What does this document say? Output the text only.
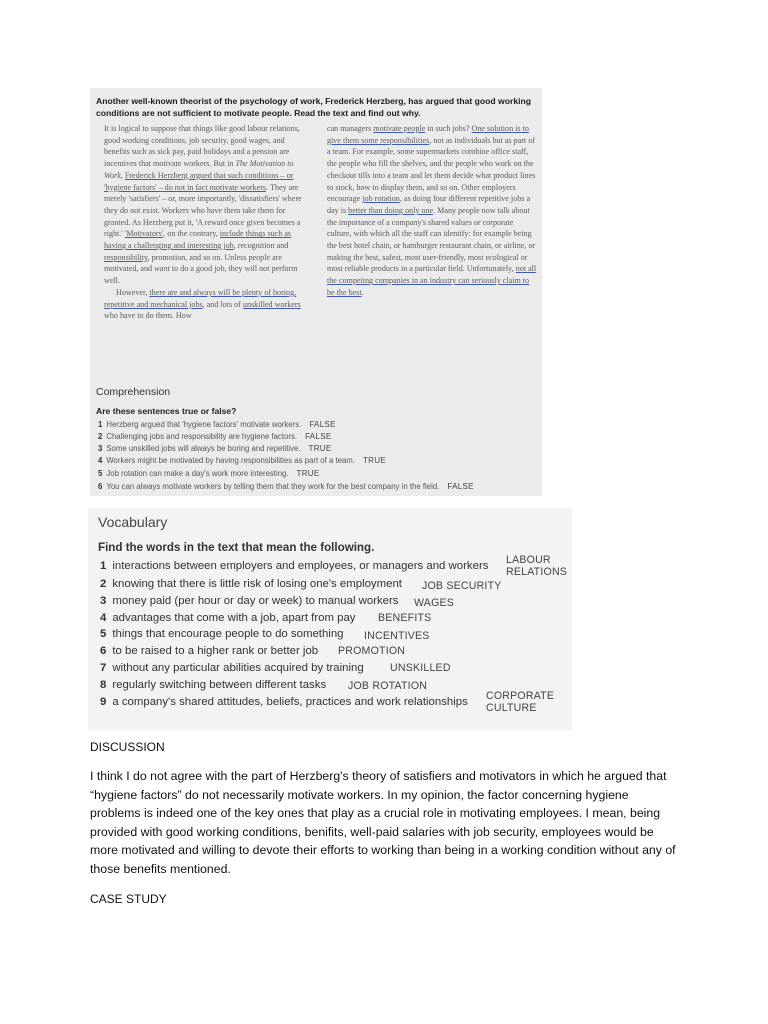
Another well-known theorist of the psychology of work, Frederick Herzberg, has argued that good working conditions are not sufficient to motivate people. Read the text and find out why.

It is logical to suppose that things like good labour relations, good working conditions, job security, good wages, and benefits such as sick pay, paid holidays and a pension are incentives that motivate workers. But in The Motivation to Work, Frederick Herzberg argued that such conditions – or 'hygiene factors' – do not in fact motivate workers. They are merely 'satisfiers' – or, more importantly, 'dissatisfiers' where they do not exist. Workers who have them take them for granted. As Herzberg put it, 'A reward once given becomes a right.' 'Motivators', on the contrary, include things such as having a challenging and interesting job, recognition and responsibility, promotion, and so on. Unless people are motivated, and want to do a good job, they will not perform well.

However, there are and always will be plenty of boring, repetitive and mechanical jobs, and lots of unskilled workers who have to do them. How

can managers motivate people in such jobs? One solution is to give them some responsibilities, not as individuals but as part of a team. For example, some supermarkets combine office staff, the people who fill the shelves, and the people who work on the checkout tills into a team and let them decide what product lines to stock, how to display them, and so on. Other employers encourage job rotation, as doing four different repetitive jobs a day is better than doing only one. Many people now talk about the importance of a company's shared values or corporate culture, with which all the staff can identify: for example being the best hotel chain, or hamburger restaurant chain, or airline, or making the best, safest, most user-friendly, most ecological or most reliable products in a particular field. Unfortunately, not all the competing companies in an industry can seriously claim to be the best.

Comprehension
Are these sentences true or false?
1 Herzberg argued that 'hygiene factors' motivate workers. FALSE
2 Challenging jobs and responsibility are hygiene factors. FALSE
3 Some unskilled jobs will always be boring and repetitive. TRUE
4 Workers might be motivated by having responsibilities as part of a team. TRUE
5 Job rotation can make a day's work more interesting. TRUE
6 You can always motivate workers by telling them that they work for the best company in the field. FALSE
Vocabulary
Find the words in the text that mean the following.
1 interactions between employers and employees, or managers and workers LABOUR RELATIONS
2 knowing that there is little risk of losing one's employment JOB SECURITY
3 money paid (per hour or day or week) to manual workers WAGES
4 advantages that come with a job, apart from pay BENEFITS
5 things that encourage people to do something INCENTIVES
6 to be raised to a higher rank or better job PROMOTION
7 without any particular abilities acquired by training UNSKILLED
8 regularly switching between different tasks JOB ROTATION
9 a company's shared attitudes, beliefs, practices and work relationships CORPORATE CULTURE
DISCUSSION

I think I do not agree with the part of Herzberg's theory of satisfiers and motivators in which he argued that “hygiene factors” do not necessarily motivate workers. In my opinion, the factor concerning hygiene problems is indeed one of the key ones that play as a crucial role in motivating employees. I mean, being provided with good working conditions, benifits, well-paid salaries with job security, employees would be more motivated and willing to devote their efforts to working than being in a working condition without any of those benefits mentioned.

CASE STUDY
